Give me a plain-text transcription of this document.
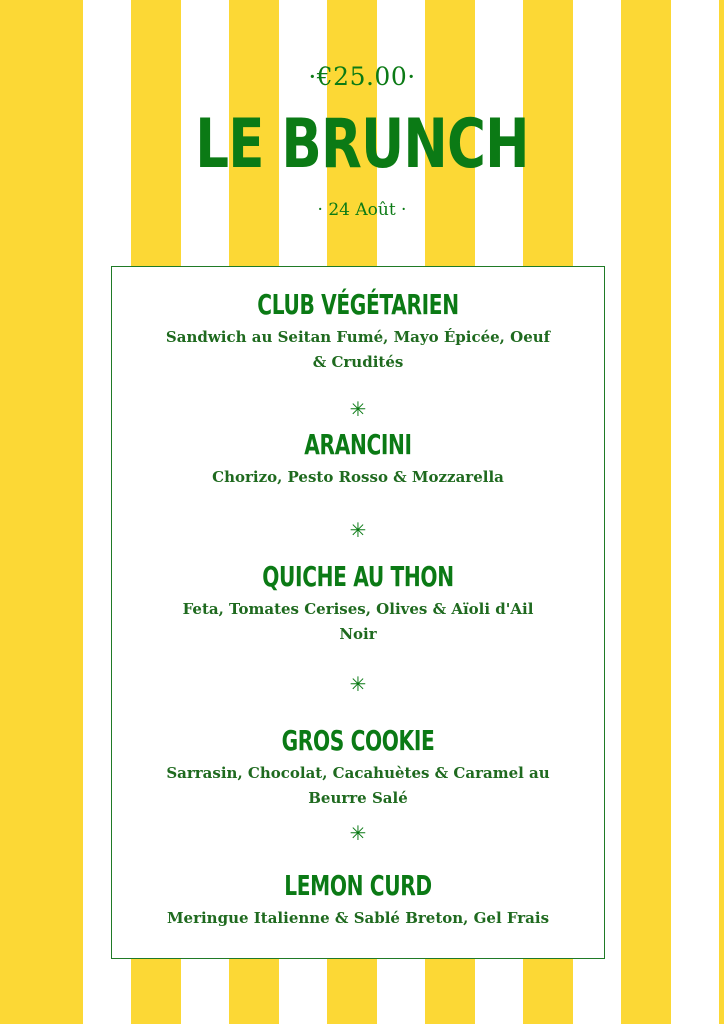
·€25.00·
LE BRUNCH
· 24 Août ·
CLUB VÉGÉTARIEN
Sandwich au Seitan Fumé, Mayo Épicée, Oeuf & Crudités
✳
ARANCINI
Chorizo, Pesto Rosso & Mozzarella
✳
QUICHE AU THON
Feta, Tomates Cerises, Olives & Aïoli d'Ail Noir
✳
GROS COOKIE
Sarrasin, Chocolat, Cacahuètes & Caramel au Beurre Salé
✳
LEMON CURD
Meringue Italienne & Sablé Breton, Gel Frais
